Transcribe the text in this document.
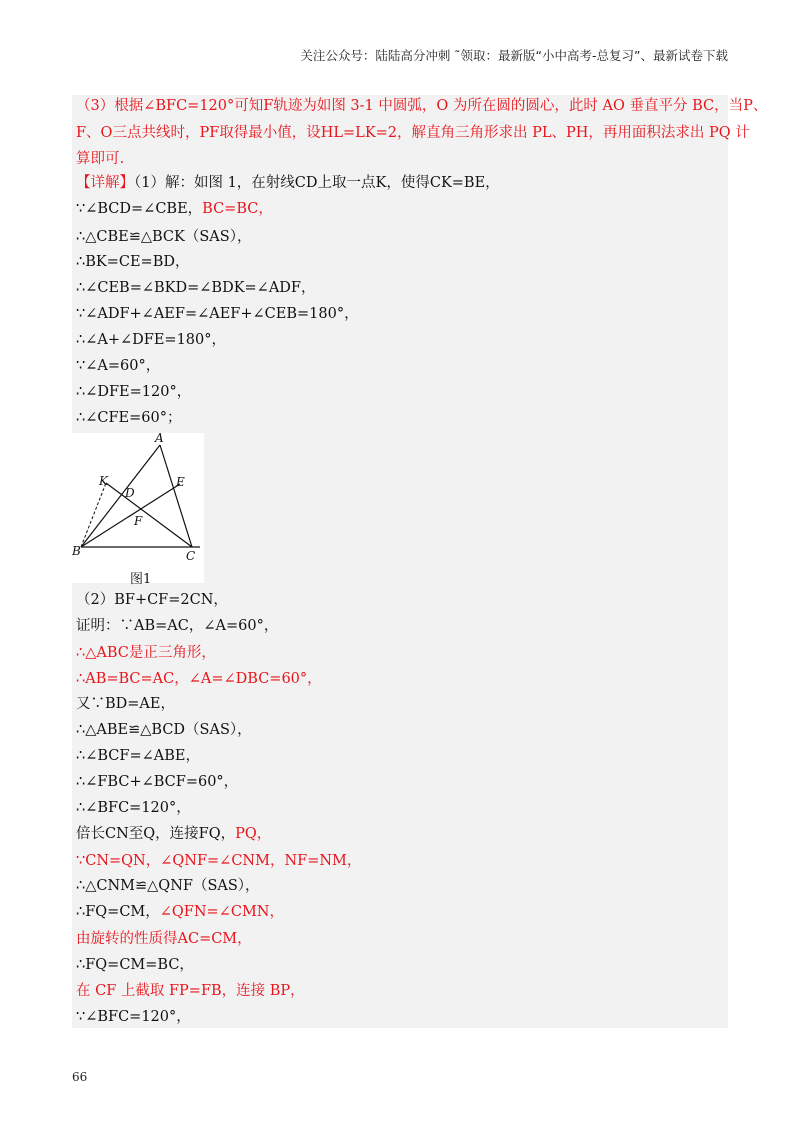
关注公众号：陆陆高分冲刺 ˜领取：最新版“小中高考-总复习”、最新试卷下载
（3）根据∠BFC=120°可知F轨迹为如图 3-1 中圆弧，O 为所在圆的圆心，此时 AO 垂直平分 BC，当P、
F、O三点共线时，PF取得最小值，设HL=LK=2，解直角三角形求出 PL、PH，再用面积法求出 PQ 计
算即可.
【详解】（1）解：如图 1，在射线CD上取一点K，使得CK=BE，
∵∠BCD=∠CBE，BC=BC，
∴△CBE≌△BCK（SAS），
∴BK=CE=BD，
∴∠CEB=∠BKD=∠BDK=∠ADF，
∵∠ADF+∠AEF=∠AEF+∠CEB=180°，
∴∠A+∠DFE=180°，
∵∠A=60°，
∴∠DFE=120°，
∴∠CFE=60°；
A
B	C
D
E
F
K
图1
（2）BF+CF=2CN，
证明：∵AB=AC，∠A=60°，
∴△ABC是正三角形，
∴AB=BC=AC，∠A=∠DBC=60°，
又∵BD=AE，
∴△ABE≌△BCD（SAS），
∴∠BCF=∠ABE，
∴∠FBC+∠BCF=60°，
∴∠BFC=120°，
倍长CN至Q，连接FQ，PQ，
∵CN=QN，∠QNF=∠CNM，NF=NM，
∴△CNM≌△QNF（SAS），
∴FQ=CM，∠QFN=∠CMN，
由旋转的性质得AC=CM，
∴FQ=CM=BC，
在 CF 上截取 FP=FB，连接 BP，
∵∠BFC=120°，
66
